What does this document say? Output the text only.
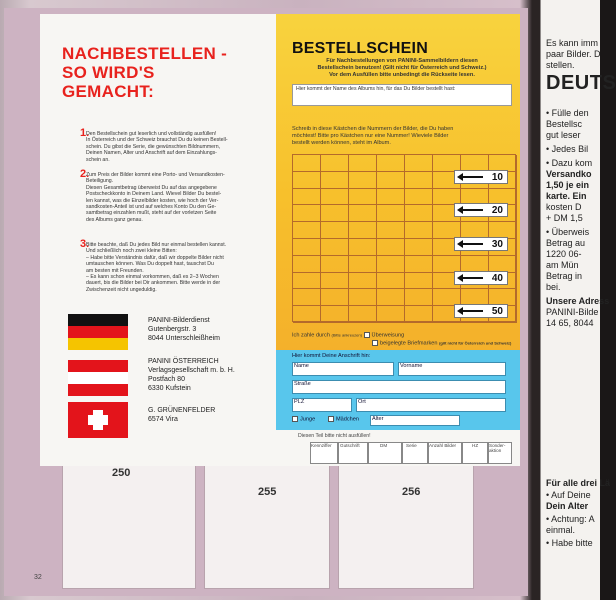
250
255	256
32
Es kann imm
paar Bilder. D
stellen.
DEUTS
• Fülle den
Bestellsc
gut leser
• Jedes Bil
• Dazu kom
Versandko
1,50 je ein
karte. Ein
kosten D
+ DM 1,5
• Überweis
Betrag au
1220 06-
am Mün
Betrag in
bei.
Unsere Adress
PANINI-Bilde
14 65, 8044
Für alle drei Lä
• Auf Deine
Dein Alter
• Achtung: A
einmal.
• Habe bitte
NACHBESTELLEN -
SO WIRD'S
GEMACHT:
1.
Den Bestellschein gut leserlich und vollständig ausfüllen!
In Österreich und der Schweiz brauchst Du du keinen Bestell-
schein. Du gibst die Serie, die gewünschten Bildnummern,
Deinen Namen, Alter und Anschrift auf dem Einzahlungs-
schein an.
2.
Zum Preis der Bilder kommt eine Porto- und Versandkosten-
Beteiligung.
Diesen Gesamtbetrag überweist Du auf das angegebene
Postscheckkonto in Deinem Land. Wievel Bilder Du bestel-
len kannst, was die Einzelbilder kosten, wie hoch der Ver-
sandkosten-Anteil ist und auf welches Konto Du den Ge-
samtbetrag einzahlen mußt, steht auf der vorletzen Seite
des Albums ganz genau.
3.
Bitte beachte, daß Du jedes Bild nur einmal bestellen kannst.
Und schließlich noch zwei kleine Bitten:
– Habe bitte Verständnis dafür, daß wir doppelte Bilder nicht
umtauschen können. Was Du doppelt hast, tauschst Du
am besten mit Freunden.
– Es kann schon einmal vorkommen, daß es 2–3 Wochen
dauert, bis die Bilder bei Dir ankommen. Bitte werde in der
Zwischenzeit nicht ungeduldig.
PANINI-Bilderdienst
Gutenbergstr. 3
8044 Unterschleißheim
PANINI ÖSTERREICH
Verlagsgesellschaft m. b. H.
Postfach 80
6330 Kufstein
G. GRÜNENFELDER
6574 Vira
BESTELLSCHEIN
Für Nachbestellungen von PANINI-Sammelbildern diesen
Bestellschein benutzen! (Gilt nicht für Österreich und Schweiz.)
Vor dem Ausfüllen bitte unbedingt die Rückseite lesen.
Hier kommt der Name des Albums hin, für das Du Bilder bestellt hast:
Schreib in diese Kästchen die Nummern der Bilder, die Du haben
möchtest! Bitte pro Kästchen nur eine Nummer! Wieviele Bilder
bestellt werden können, steht im Album.
10
20
30
40
50
Ich zahle durch (Bitte ankreuzen) Überweisung
beigelegte Briefmarken (gilt nicht für Österreich und Schweiz)
Hier kommt Deine Anschrift hin:
Name	Vorname
Straße
PLZ	Ort
Junge	Mädchen Alter
Diesen Teil bitte nicht ausfüllen!
Kennziffer Gutschrift	DM	Serie	Anzahl Bilder	HZ Sonder-aktion
